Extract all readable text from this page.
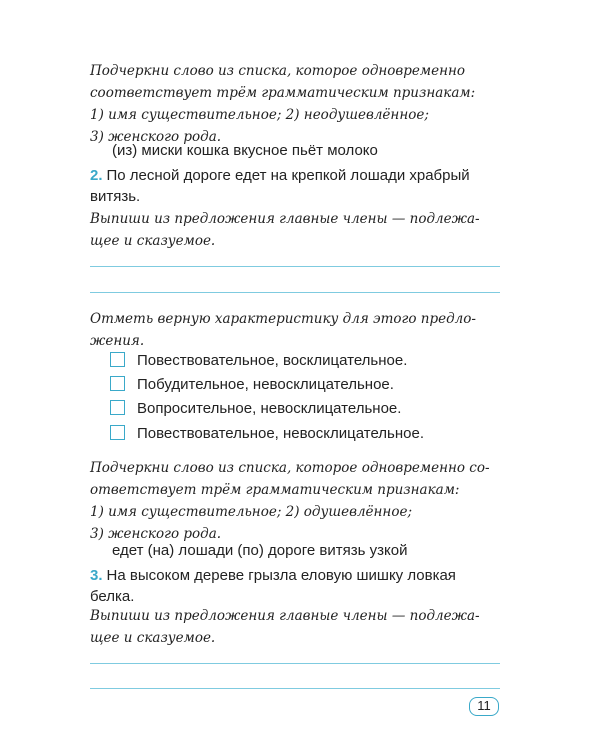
Подчеркни слово из списка, которое одновременно
соответствует трём грамматическим признакам:
1) имя существительное; 2) неодушевлённое;
3) женского рода.
(из) миски кошка вкусное пьёт молоко
2. По лесной дороге едет на крепкой лошади храбрый
витязь.
Выпиши из предложения главные члены — подлежа-
щее и сказуемое.
Отметь верную характеристику для этого предло-
жения.
Повествовательное, восклицательное.
Побудительное, невосклицательное.
Вопросительное, невосклицательное.
Повествовательное, невосклицательное.
Подчеркни слово из списка, которое одновременно со-
ответствует трём грамматическим признакам:
1) имя существительное; 2) одушевлённое;
3) женского рода.
едет (на) лошади (по) дороге витязь узкой
3. На высоком дереве грызла еловую шишку ловкая
белка.
Выпиши из предложения главные члены — подлежа-
щее и сказуемое.
11
